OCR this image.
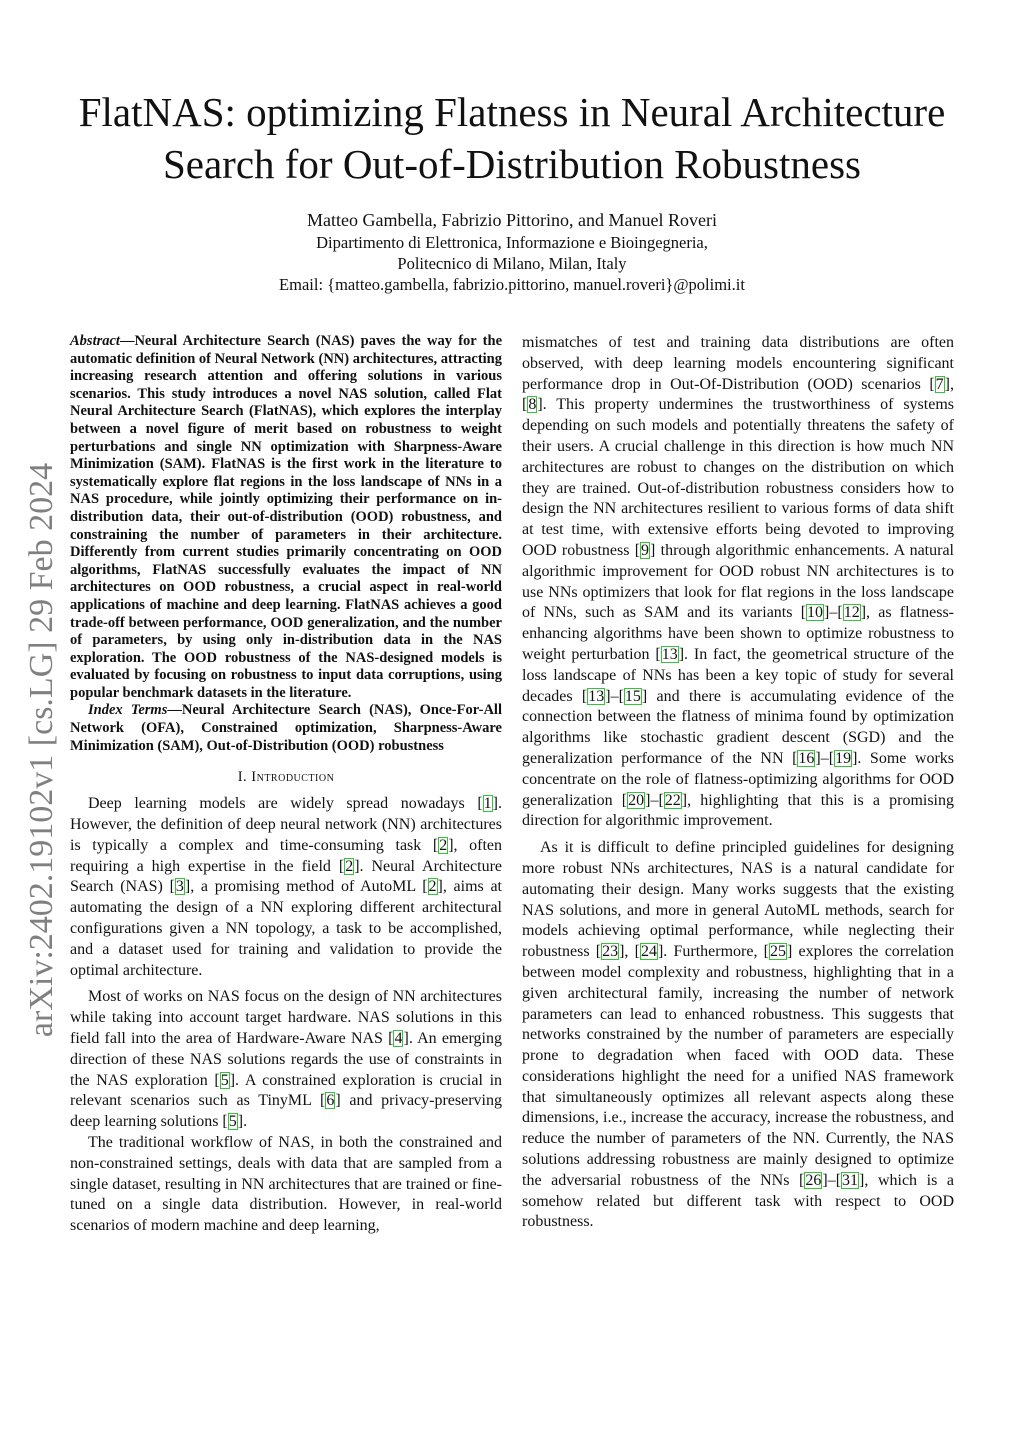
arXiv:2402.19102v1 [cs.LG] 29 Feb 2024
FlatNAS: optimizing Flatness in Neural Architecture
Search for Out-of-Distribution Robustness
Matteo Gambella, Fabrizio Pittorino, and Manuel Roveri
Dipartimento di Elettronica, Informazione e Bioingegneria,
Politecnico di Milano, Milan, Italy
Email: {matteo.gambella, fabrizio.pittorino, manuel.roveri}@polimi.it

Abstract—Neural Architecture Search (NAS) paves the way for the automatic definition of Neural Network (NN) architectures, attracting increasing research attention and offering solutions in various scenarios. This study introduces a novel NAS solution, called Flat Neural Architecture Search (FlatNAS), which explores the interplay between a novel figure of merit based on robustness to weight perturbations and single NN optimization with Sharpness-Aware Minimization (SAM). FlatNAS is the first work in the literature to systematically explore flat regions in the loss landscape of NNs in a NAS procedure, while jointly optimizing their performance on in-distribution data, their out-of-distribution (OOD) robustness, and constraining the number of parameters in their architecture. Differently from current studies primarily concentrating on OOD algorithms, FlatNAS successfully evaluates the impact of NN architectures on OOD robustness, a crucial aspect in real-world applications of machine and deep learning. FlatNAS achieves a good trade-off between performance, OOD generalization, and the number of parameters, by using only in-distribution data in the NAS exploration. The OOD robustness of the NAS-designed models is evaluated by focusing on robustness to input data corruptions, using popular benchmark datasets in the literature.

Index Terms—Neural Architecture Search (NAS), Once-For-All Network (OFA), Constrained optimization, Sharpness-Aware Minimization (SAM), Out-of-Distribution (OOD) robustness

I. Introduction

Deep learning models are widely spread nowadays [1]. However, the definition of deep neural network (NN) architectures is typically a complex and time-consuming task [2], often requiring a high expertise in the field [2]. Neural Architecture Search (NAS) [3], a promising method of AutoML [2], aims at automating the design of a NN exploring different architectural configurations given a NN topology, a task to be accomplished, and a dataset used for training and validation to provide the optimal architecture.

Most of works on NAS focus on the design of NN architectures while taking into account target hardware. NAS solutions in this field fall into the area of Hardware-Aware NAS [4]. An emerging direction of these NAS solutions regards the use of constraints in the NAS exploration [5]. A constrained exploration is crucial in relevant scenarios such as TinyML [6] and privacy-preserving deep learning solutions [5].

The traditional workflow of NAS, in both the constrained and non-constrained settings, deals with data that are sampled from a single dataset, resulting in NN architectures that are trained or fine-tuned on a single data distribution. However, in real-world scenarios of modern machine and deep learning,

mismatches of test and training data distributions are often observed, with deep learning models encountering significant performance drop in Out-Of-Distribution (OOD) scenarios [7], [8]. This property undermines the trustworthiness of systems depending on such models and potentially threatens the safety of their users. A crucial challenge in this direction is how much NN architectures are robust to changes on the distribution on which they are trained. Out-of-distribution robustness considers how to design the NN architectures resilient to various forms of data shift at test time, with extensive efforts being devoted to improving OOD robustness [9] through algorithmic enhancements. A natural algorithmic improvement for OOD robust NN architectures is to use NNs optimizers that look for flat regions in the loss landscape of NNs, such as SAM and its variants [10]–[12], as flatness-enhancing algorithms have been shown to optimize robustness to weight perturbation [13]. In fact, the geometrical structure of the loss landscape of NNs has been a key topic of study for several decades [13]–[15] and there is accumulating evidence of the connection between the flatness of minima found by optimization algorithms like stochastic gradient descent (SGD) and the generalization performance of the NN [16]–[19]. Some works concentrate on the role of flatness-optimizing algorithms for OOD generalization [20]–[22], highlighting that this is a promising direction for algorithmic improvement.

As it is difficult to define principled guidelines for designing more robust NNs architectures, NAS is a natural candidate for automating their design. Many works suggests that the existing NAS solutions, and more in general AutoML methods, search for models achieving optimal performance, while neglecting their robustness [23], [24]. Furthermore, [25] explores the correlation between model complexity and robustness, highlighting that in a given architectural family, increasing the number of network parameters can lead to enhanced robustness. This suggests that networks constrained by the number of parameters are especially prone to degradation when faced with OOD data. These considerations highlight the need for a unified NAS framework that simultaneously optimizes all relevant aspects along these dimensions, i.e., increase the accuracy, increase the robustness, and reduce the number of parameters of the NN. Currently, the NAS solutions addressing robustness are mainly designed to optimize the adversarial robustness of the NNs [26]–[31], which is a somehow related but different task with respect to OOD robustness.
